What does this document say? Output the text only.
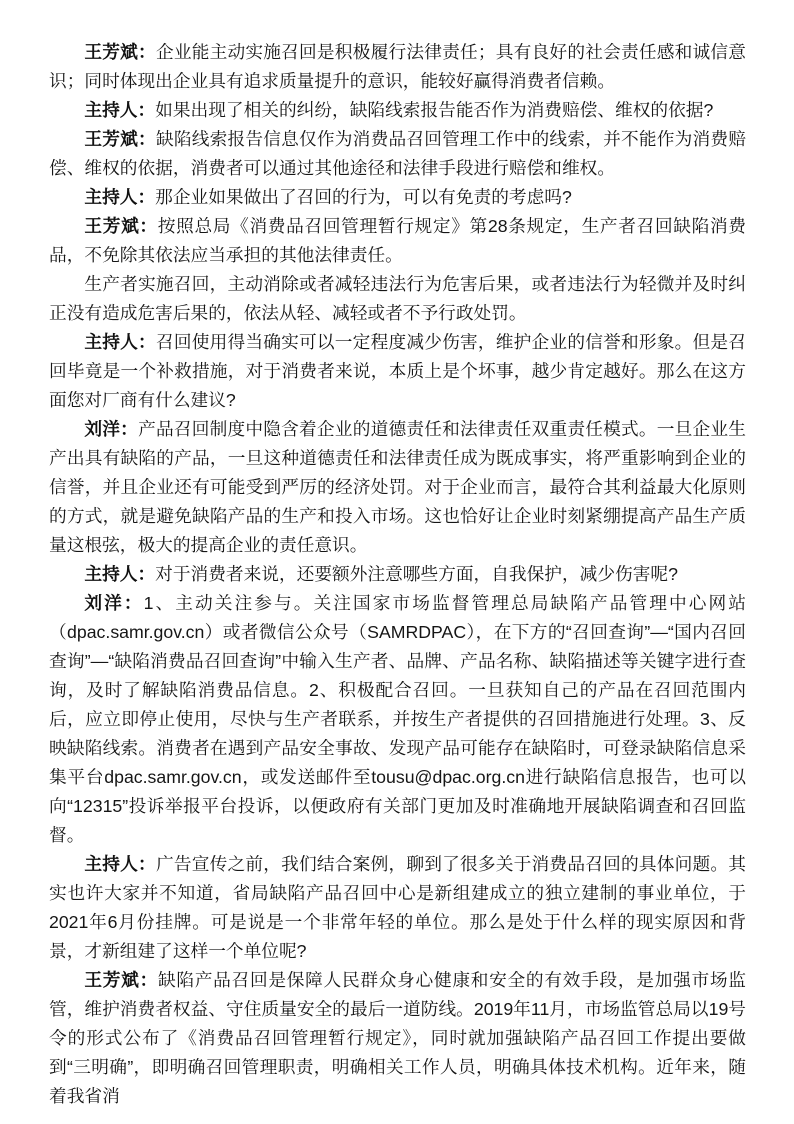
王芳斌：企业能主动实施召回是积极履行法律责任；具有良好的社会责任感和诚信意识；同时体现出企业具有追求质量提升的意识，能较好赢得消费者信赖。

主持人：如果出现了相关的纠纷，缺陷线索报告能否作为消费赔偿、维权的依据?

王芳斌：缺陷线索报告信息仅作为消费品召回管理工作中的线索，并不能作为消费赔偿、维权的依据，消费者可以通过其他途径和法律手段进行赔偿和维权。

主持人：那企业如果做出了召回的行为，可以有免责的考虑吗?

王芳斌：按照总局《消费品召回管理暂行规定》第28条规定，生产者召回缺陷消费品，不免除其依法应当承担的其他法律责任。

生产者实施召回，主动消除或者减轻违法行为危害后果，或者违法行为轻微并及时纠正没有造成危害后果的，依法从轻、减轻或者不予行政处罚。

主持人：召回使用得当确实可以一定程度减少伤害，维护企业的信誉和形象。但是召回毕竟是一个补救措施，对于消费者来说，本质上是个坏事，越少肯定越好。那么在这方面您对厂商有什么建议?

刘洋：产品召回制度中隐含着企业的道德责任和法律责任双重责任模式。一旦企业生产出具有缺陷的产品，一旦这种道德责任和法律责任成为既成事实，将严重影响到企业的信誉，并且企业还有可能受到严厉的经济处罚。对于企业而言，最符合其利益最大化原则的方式，就是避免缺陷产品的生产和投入市场。这也恰好让企业时刻紧绷提高产品生产质量这根弦，极大的提高企业的责任意识。

主持人：对于消费者来说，还要额外注意哪些方面，自我保护，减少伤害呢?

刘洋：1、主动关注参与。关注国家市场监督管理总局缺陷产品管理中心网站（dpac.samr.gov.cn）或者微信公众号（SAMRDPAC），在下方的“召回查询”—“国内召回查询”—“缺陷消费品召回查询”中输入生产者、品牌、产品名称、缺陷描述等关键字进行查询，及时了解缺陷消费品信息。2、积极配合召回。一旦获知自己的产品在召回范围内后，应立即停止使用，尽快与生产者联系，并按生产者提供的召回措施进行处理。3、反映缺陷线索。消费者在遇到产品安全事故、发现产品可能存在缺陷时，可登录缺陷信息采集平台dpac.samr.gov.cn，或发送邮件至tousu@dpac.org.cn进行缺陷信息报告，也可以向“12315”投诉举报平台投诉，以便政府有关部门更加及时准确地开展缺陷调查和召回监督。

主持人：广告宣传之前，我们结合案例，聊到了很多关于消费品召回的具体问题。其实也许大家并不知道，省局缺陷产品召回中心是新组建成立的独立建制的事业单位，于2021年6月份挂牌。可是说是一个非常年轻的单位。那么是处于什么样的现实原因和背景，才新组建了这样一个单位呢?

王芳斌：缺陷产品召回是保障人民群众身心健康和安全的有效手段，是加强市场监管，维护消费者权益、守住质量安全的最后一道防线。2019年11月，市场监管总局以19号令的形式公布了《消费品召回管理暂行规定》，同时就加强缺陷产品召回工作提出要做到“三明确”，即明确召回管理职责，明确相关工作人员，明确具体技术机构。近年来，随着我省消
